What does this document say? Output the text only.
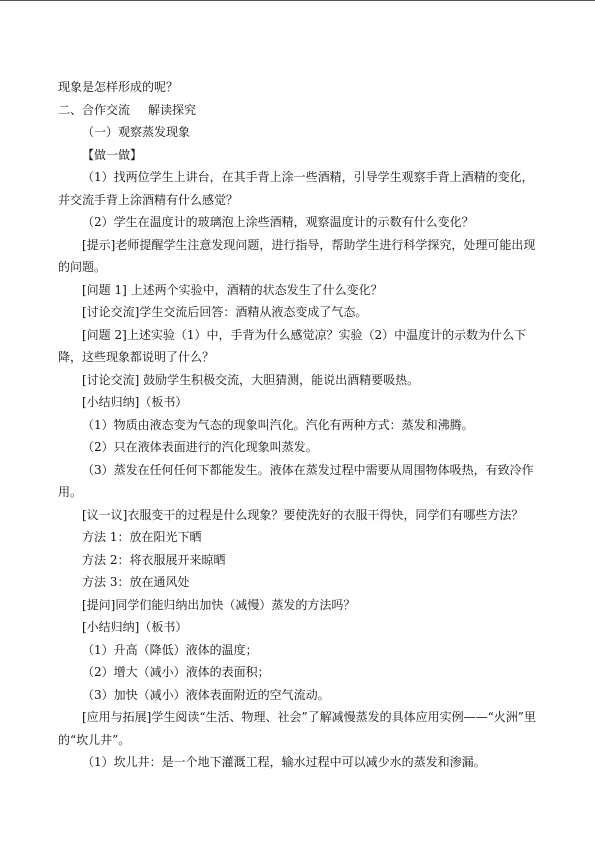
现象是怎样形成的呢？

二、合作交流 解读探究

（一）观察蒸发现象

【做一做】

（1）找两位学生上讲台，在其手背上涂一些酒精，引导学生观察手背上酒精的变化，并交流手背上涂酒精有什么感觉？

（2）学生在温度计的玻璃泡上涂些酒精，观察温度计的示数有什么变化？

[提示]老师提醒学生注意发现问题，进行指导，帮助学生进行科学探究，处理可能出现的问题。

[问题 1] 上述两个实验中，酒精的状态发生了什么变化？

[讨论交流]学生交流后回答：酒精从液态变成了气态。

[问题 2]上述实验（1）中，手背为什么感觉凉？实验（2）中温度计的示数为什么下降，这些现象都说明了什么？

[讨论交流] 鼓励学生积极交流，大胆猜测，能说出酒精要吸热。

[小结归纳]（板书）

（1）物质由液态变为气态的现象叫汽化。汽化有两种方式：蒸发和沸腾。

（2）只在液体表面进行的汽化现象叫蒸发。

（3）蒸发在任何任何下都能发生。液体在蒸发过程中需要从周围物体吸热，有致冷作用。

[议一议]衣服变干的过程是什么现象？要使洗好的衣服干得快，同学们有哪些方法？

方法 1：放在阳光下晒

方法 2：将衣服展开来晾晒

方法 3：放在通风处

[提问]同学们能归纳出加快（减慢）蒸发的方法吗？

[小结归纳]（板书）

（1）升高（降低）液体的温度；

（2）增大（减小）液体的表面积；

（3）加快（减小）液体表面附近的空气流动。

[应用与拓展]学生阅读“生活、物理、社会”了解减慢蒸发的具体应用实例——“火洲”里的“坎儿井”。

（1）坎儿井：是一个地下灌溉工程，输水过程中可以减少水的蒸发和渗漏。
